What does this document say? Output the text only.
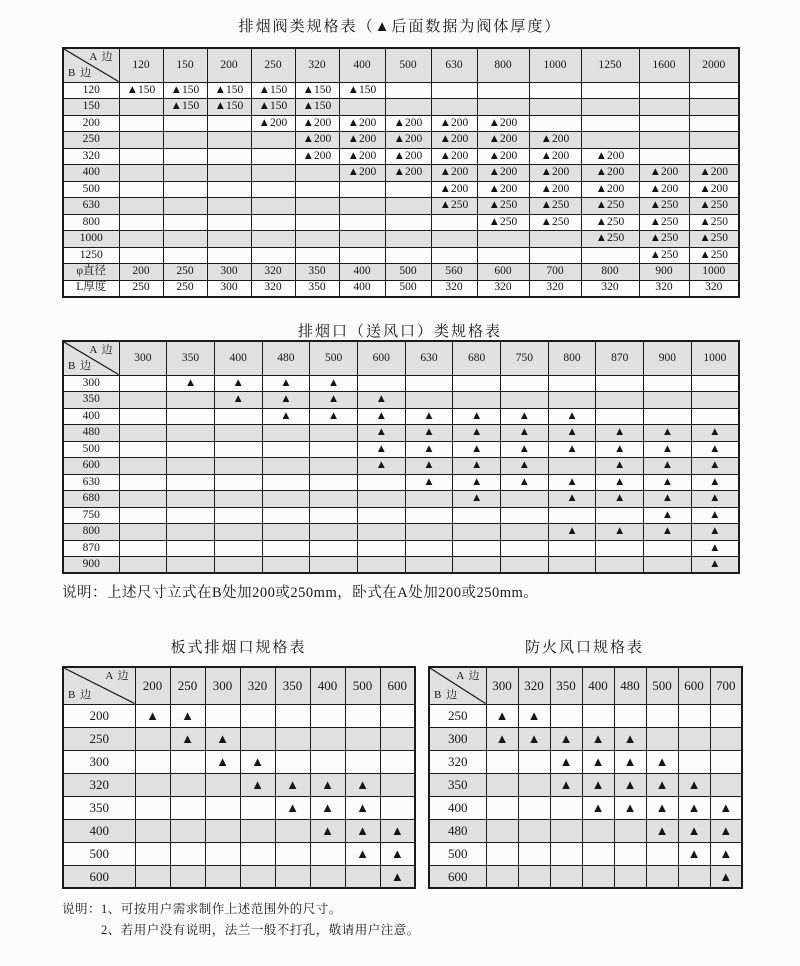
排烟阀类规格表（▲后面数据为阀体厚度）
A 边
B 边	120	150	200	250	320	400	500	630	800	1000	1250	1600	2000
120	▲150	▲150	▲150	▲150	▲150	▲150							
150		▲150	▲150	▲150	▲150								
200				▲200	▲200	▲200	▲200	▲200	▲200				
250					▲200	▲200	▲200	▲200	▲200	▲200			
320					▲200	▲200	▲200	▲200	▲200	▲200	▲200		
400						▲200	▲200	▲200	▲200	▲200	▲200	▲200	▲200
500								▲200	▲200	▲200	▲200	▲200	▲200
630								▲250	▲250	▲250	▲250	▲250	▲250
800									▲250	▲250	▲250	▲250	▲250
1000											▲250	▲250	▲250
1250												▲250	▲250
φ直径	200	250	300	320	350	400	500	560	600	700	800	900	1000
L厚度	250	250	300	320	350	400	500	320	320	320	320	320	320
排烟口（送风口）类规格表
A 边
B 边	300	350	400	480	500	600	630	680	750	800	870	900	1000
300		▲	▲	▲	▲								
350			▲	▲	▲	▲							
400				▲	▲	▲	▲	▲	▲	▲			
480						▲	▲	▲	▲	▲	▲	▲	▲
500						▲	▲	▲	▲	▲	▲	▲	▲
600						▲	▲	▲	▲		▲	▲	▲
630							▲	▲	▲	▲	▲	▲	▲
680								▲		▲	▲	▲	▲
750												▲	▲
800										▲	▲	▲	▲
870													▲
900													▲
说明：上述尺寸立式在B处加200或250mm，卧式在A处加200或250mm。
板式排烟口规格表	防火风口规格表
A 边
B 边	200	250	300	320	350	400	500	600
200	▲	▲						
250		▲	▲					
300			▲	▲				
320				▲	▲	▲	▲	
350					▲	▲	▲	
400						▲	▲	▲
500							▲	▲
600								▲
A 边
B 边	300	320	350	400	480	500	600	700
250	▲	▲						
300	▲	▲	▲	▲	▲			
320			▲	▲	▲	▲		
350			▲	▲	▲	▲	▲	
400				▲	▲	▲	▲	▲
480						▲	▲	▲
500							▲	▲
600								▲
说明：1、可按用户需求制作上述范围外的尺寸。
2、若用户没有说明，法兰一般不打孔，敬请用户注意。
